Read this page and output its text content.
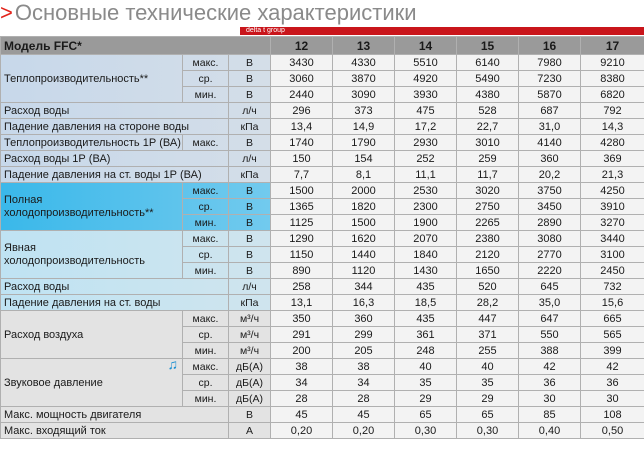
>Основные технические характеристики
delta t group
Модель FFC*			12	13	14	15	16	17

Теплопроизводительность**	макс.	В	3430	4330	5510	6140	7980	9210
	ср.	В	3060	3870	4920	5490	7230	8380
	мин.	В	2440	3090	3930	4380	5870	6820
Расход воды		л/ч	296	373	475	528	687	792
Падение давления на стороне воды		кПа	13,4	14,9	17,2	22,7	31,0	14,3
Теплопроизводительность 1Р (ВА)	макс.	В	1740	1790	2930	3010	4140	4280
Расход воды 1Р (ВА)		л/ч	150	154	252	259	360	369
Падение давления на ст. воды 1Р (ВА)		кПа	7,7	8,1	11,1	11,7	20,2	21,3

Полная холодопроизводительность**	макс.	В	1500	2000	2530	3020	3750	4250
	ср.	В	1365	1820	2300	2750	3450	3910
	мин.	В	1125	1500	1900	2265	2890	3270

Явная холодопроизводительность	макс.	В	1290	1620	2070	2380	3080	3440
	ср.	В	1150	1440	1840	2120	2770	3100
	мин.	В	890	1120	1430	1650	2220	2450
Расход воды		л/ч	258	344	435	520	645	732
Падение давления на ст. воды		кПа	13,1	16,3	18,5	28,2	35,0	15,6

Расход воздуха	макс.	м³/ч	350	360	435	447	647	665
	ср.	м³/ч	291	299	361	371	550	565
	мин.	м³/ч	200	205	248	255	388	399

Звуковое давление
♫	макс.	дБ(А)	38	38	40	40	42	42
	ср.	дБ(А)	34	34	35	35	36	36
	мин.	дБ(А)	28	28	29	29	30	30
Макс. мощность двигателя		В	45	45	65	65	85	108
Макс. входящий ток		А	0,20	0,20	0,30	0,30	0,40	0,50
